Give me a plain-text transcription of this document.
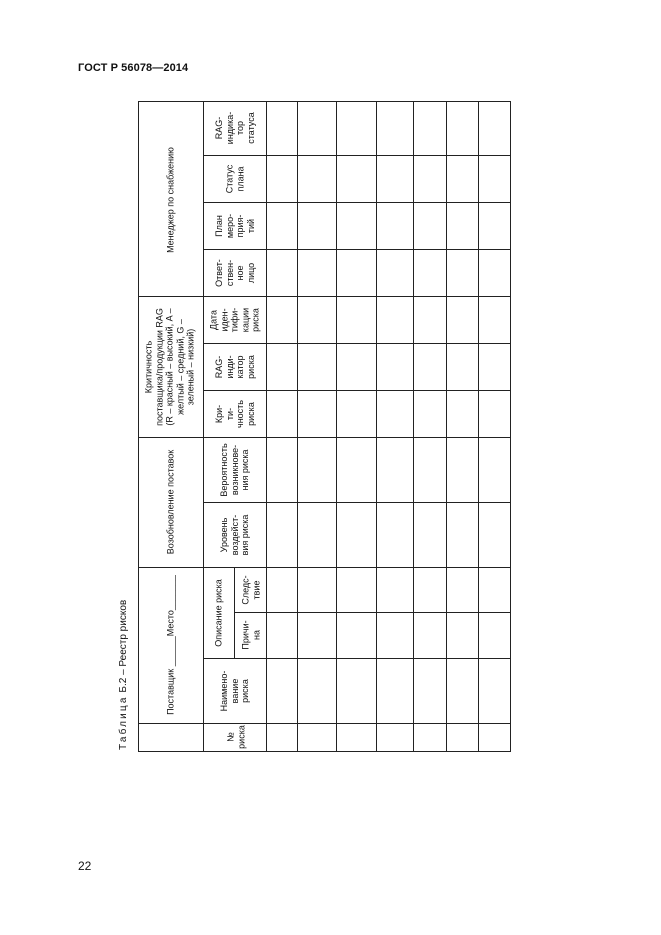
ГОСТ Р 56078—2014
Таблица Б.2 – Реестр рисков	Поставщик ______Место_______
Возобновление поставок
Менеджер по снабжению
Критичность поставщика/продукции RAG (R – красный – высокий, A – желтый – средний, G – зеленый – низкий)
№ риска
Наимено- вание риска
Описание риска Причи- на
Следс- твие
Уровень воздейст- вия риска
Вероятность возникнове- ния риска
Кри- ти- чность риска
RAG- инди- катор риска
Дата иден- тифи- кации риска
Ответ- ствен- ное лицо
План меро- прия- тий
Статус плана
RAG- индика- тор статуса
22
